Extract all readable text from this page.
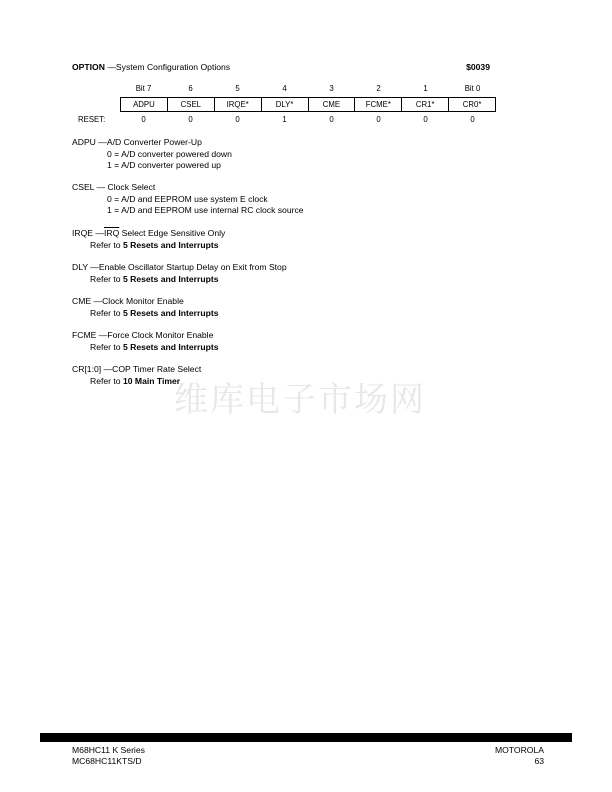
OPTION —System Configuration Options	$0039
Bit 7	6	5	4	3	2	1	Bit 0
ADPU	CSEL	IRQE*	DLY*	CME	FCME*	CR1*	CR0*
RESET:	0	0	0	1	0	0	0	0
ADPU —A/D Converter Power-Up
0 = A/D converter powered down
1 = A/D converter powered up
CSEL — Clock Select
0 = A/D and EEPROM use system E clock
1 = A/D and EEPROM use internal RC clock source
IRQE $—\overline{IRQ}$ Select Edge Sensitive Only
Refer to 5 Resets and Interrupts
DLY —Enable Oscillator Startup Delay on Exit from Stop
Refer to 5 Resets and Interrupts
CME —Clock Monitor Enable
Refer to 5 Resets and Interrupts
FCME —Force Clock Monitor Enable
Refer to 5 Resets and Interrupts
CR[1:0] —COP Timer Rate Select
Refer to 10 Main Timer
维库电子市场网
M68HC11 K Series
MC68HC11KTS/D
MOTOROLA
63
